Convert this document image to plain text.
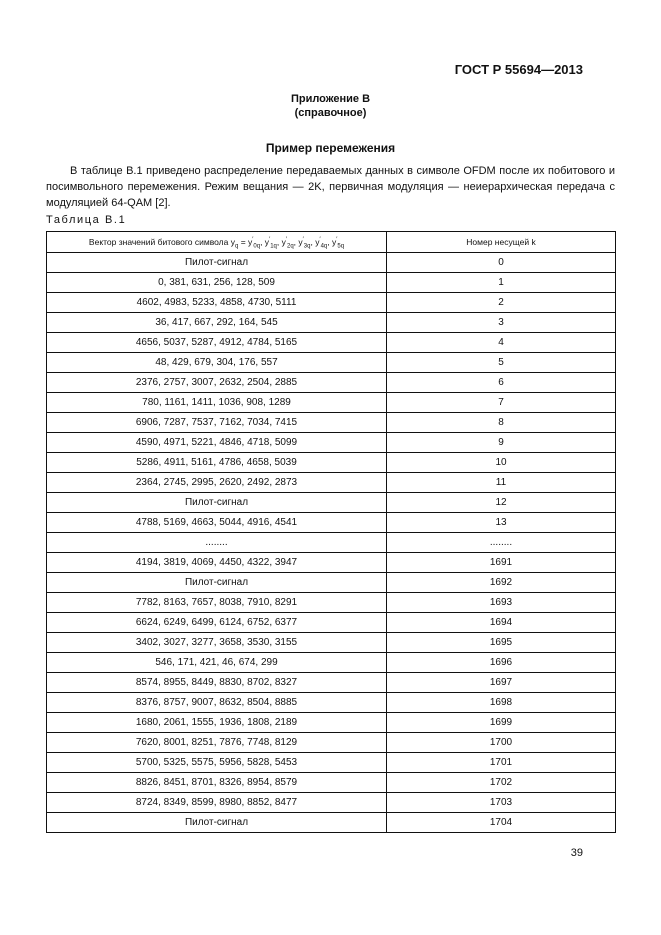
ГОСТ Р 55694—2013
Приложение В
(справочное)
Пример перемежения

В таблице В.1 приведено распределение передаваемых данных в символе OFDM после их побитового и посимвольного перемежения. Режим вещания — 2K, первичная модуляция — неиерархическая передача с модуляцией 64-QAM [2].

Таблица В.1
Вектор значений битового символа $y_q = y'_{0q}$, $y'_{1q}$, $y'_{2q}$, $y'_{3q}$, $y'_{4q}$, $y'_{5q}$	Номер несущей k
Пилот-сигнал	0
0, 381, 631, 256, 128, 509	1
4602, 4983, 5233, 4858, 4730, 5111	2
36, 417, 667, 292, 164, 545	3
4656, 5037, 5287, 4912, 4784, 5165	4
48, 429, 679, 304, 176, 557	5
2376, 2757, 3007, 2632, 2504, 2885	6
780, 1161, 1411, 1036, 908, 1289	7
6906, 7287, 7537, 7162, 7034, 7415	8
4590, 4971, 5221, 4846, 4718, 5099	9
5286, 4911, 5161, 4786, 4658, 5039	10
2364, 2745, 2995, 2620, 2492, 2873	11
Пилот-сигнал	12
4788, 5169, 4663, 5044, 4916, 4541	13
........	........
4194, 3819, 4069, 4450, 4322, 3947	1691
Пилот-сигнал	1692
7782, 8163, 7657, 8038, 7910, 8291	1693
6624, 6249, 6499, 6124, 6752, 6377	1694
3402, 3027, 3277, 3658, 3530, 3155	1695
546, 171, 421, 46, 674, 299	1696
8574, 8955, 8449, 8830, 8702, 8327	1697
8376, 8757, 9007, 8632, 8504, 8885	1698
1680, 2061, 1555, 1936, 1808, 2189	1699
7620, 8001, 8251, 7876, 7748, 8129	1700
5700, 5325, 5575, 5956, 5828, 5453	1701
8826, 8451, 8701, 8326, 8954, 8579	1702
8724, 8349, 8599, 8980, 8852, 8477	1703
Пилот-сигнал	1704
39
